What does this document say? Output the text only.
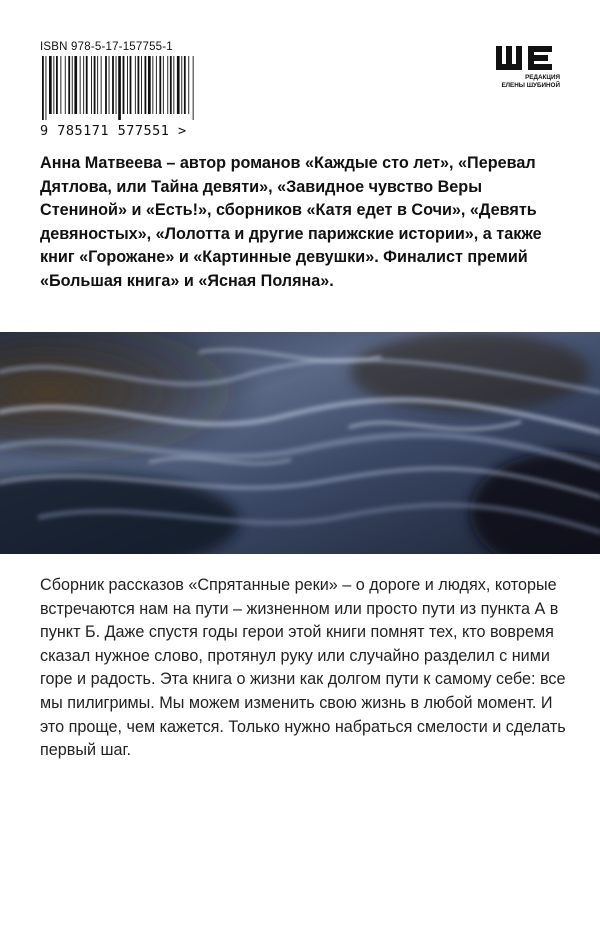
ISBN 978-5-17-157755-1
9 785171 577551 >
РЕДАКЦИЯ
ЕЛЕНЫ ШУБИНОЙ

Анна Матвеева – автор романов «Каждые сто лет», «Перевал Дятлова, или Тайна девяти», «Завидное чувство Веры Стениной» и «Есть!», сборников «Катя едет в Сочи», «Девять девяностых», «Лолотта и другие парижские истории», а также книг «Горожане» и «Картинные девушки». Финалист премий «Большая книга» и «Ясная Поляна».

Сборник рассказов «Спрятанные реки» – о дороге и людях, которые встречаются нам на пути – жизненном или просто пути из пункта А в пункт Б. Даже спустя годы герои этой книги помнят тех, кто вовремя сказал нужное слово, протянул руку или случайно разделил с ними горе и радость. Эта книга о жизни как долгом пути к самому себе: все мы пилигримы. Мы можем изменить свою жизнь в любой момент. И это проще, чем кажется. Только нужно набраться смелости и сделать первый шаг.
